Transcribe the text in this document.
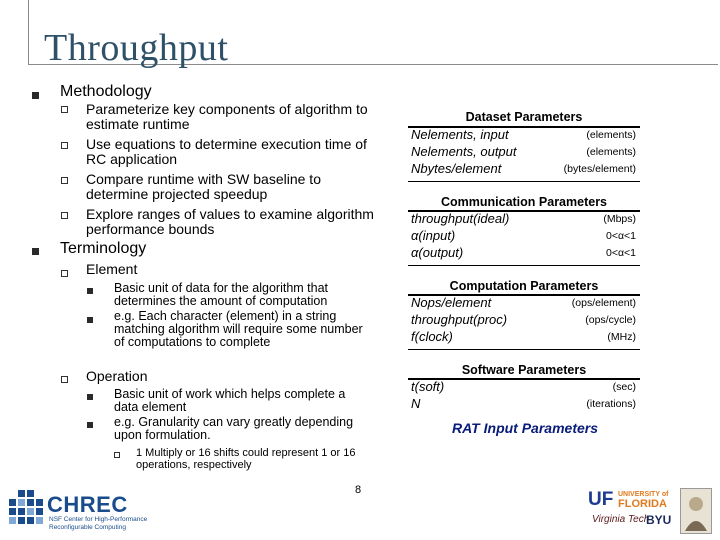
Throughput
Methodology
Parameterize key components of algorithm to estimate runtime
Use equations to determine execution time of RC application
Compare runtime with SW baseline to determine projected speedup
Explore ranges of values to examine algorithm performance bounds
Terminology
Element
Basic unit of data for the algorithm that determines the amount of computation
e.g. Each character (element) in a string matching algorithm will require some number of computations to complete
Operation
Basic unit of work which helps complete a data element
e.g. Granularity can vary greatly depending upon formulation.
1 Multiply or 16 shifts could represent 1 or 16 operations, respectively
Dataset Parameters
Nelements, input	(elements)
Nelements, output	(elements)
Nbytes/element	(bytes/element)
Communication Parameters
throughput(ideal)	(Mbps)
α(input)	0<α<1
α(output)	0<α<1
Computation Parameters
Nops/element	(ops/element)
throughput(proc)	(ops/cycle)
f(clock)	(MHz)
Software Parameters
t(soft)	(sec)
N	(iterations)
RAT Input Parameters
8
CHREC
NSF Center for High-Performance Reconfigurable Computing
UF UNIVERSITY of
FLORIDA
Virginia Tech
BYU
